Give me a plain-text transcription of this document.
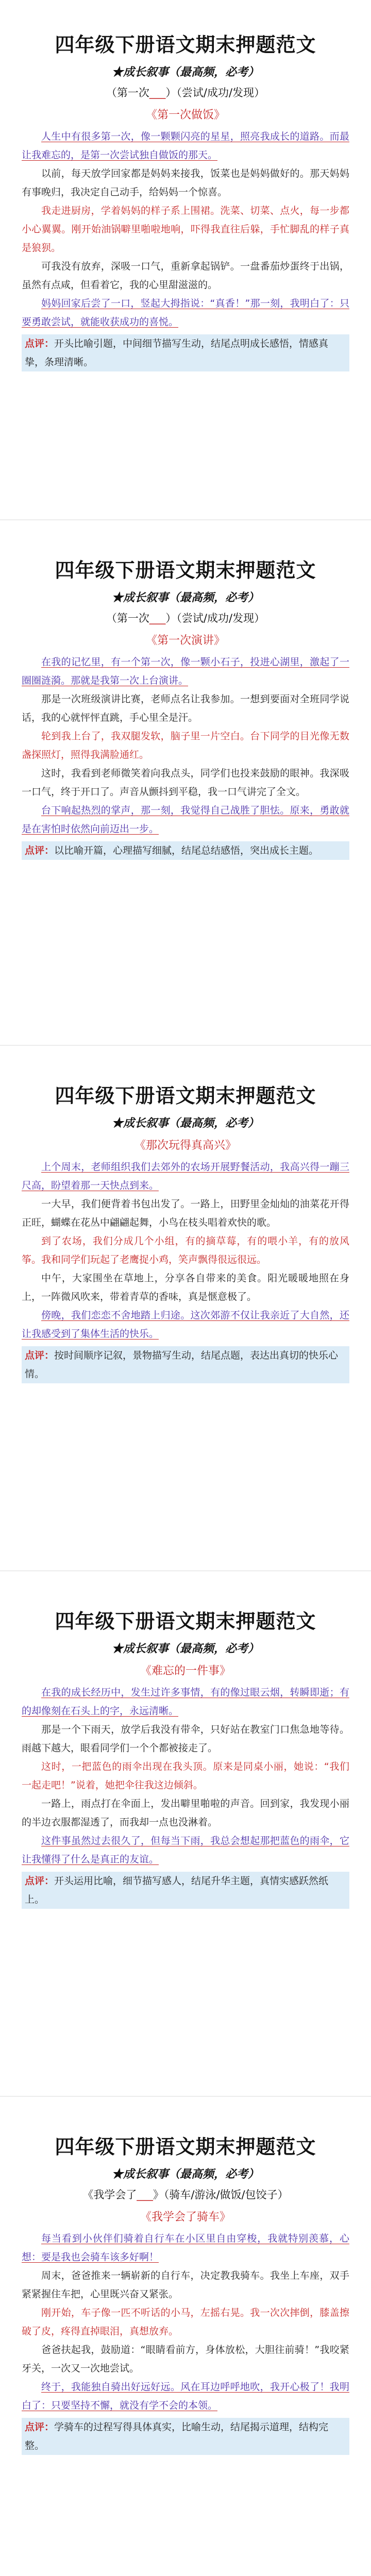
四年级下册语文期末押题范文
★成长叙事（最高频，必考）
（第一次___）（尝试/成功/发现）
《第一次做饭》

人生中有很多第一次，像一颗颗闪亮的星星，照亮我成长的道路。而最让我难忘的，是第一次尝试独自做饭的那天。

以前，每天放学回家都是妈妈来接我，饭菜也是妈妈做好的。那天妈妈有事晚归，我决定自己动手，给妈妈一个惊喜。

我走进厨房，学着妈妈的样子系上围裙。洗菜、切菜、点火，每一步都小心翼翼。刚开始油锅噼里啪啦地响，吓得我直往后躲，手忙脚乱的样子真是狼狈。

可我没有放弃，深吸一口气，重新拿起锅铲。一盘番茄炒蛋终于出锅，虽然有点咸，但看着它，我的心里甜滋滋的。

妈妈回家后尝了一口，竖起大拇指说：“真香！”那一刻，我明白了：只要勇敢尝试，就能收获成功的喜悦。

点评：开头比喻引题，中间细节描写生动，结尾点明成长感悟，情感真挚，条理清晰。
四年级下册语文期末押题范文
★成长叙事（最高频，必考）
（第一次___）（尝试/成功/发现）
《第一次演讲》

在我的记忆里，有一个第一次，像一颗小石子，投进心湖里，激起了一圈圈涟漪。那就是我第一次上台演讲。

那是一次班级演讲比赛，老师点名让我参加。一想到要面对全班同学说话，我的心就怦怦直跳，手心里全是汗。

轮到我上台了，我双腿发软，脑子里一片空白。台下同学的目光像无数盏探照灯，照得我满脸通红。

这时，我看到老师微笑着向我点头，同学们也投来鼓励的眼神。我深吸一口气，终于开口了。声音从颤抖到平稳，我一口气讲完了全文。

台下响起热烈的掌声，那一刻，我觉得自己战胜了胆怯。原来，勇敢就是在害怕时依然向前迈出一步。

点评：以比喻开篇，心理描写细腻，结尾总结感悟，突出成长主题。
四年级下册语文期末押题范文
★成长叙事（最高频，必考）
《那次玩得真高兴》

上个周末，老师组织我们去郊外的农场开展野餐活动，我高兴得一蹦三尺高，盼望着那一天快点到来。

一大早，我们便背着书包出发了。一路上，田野里金灿灿的油菜花开得正旺，蝴蝶在花丛中翩翩起舞，小鸟在枝头唱着欢快的歌。

到了农场，我们分成几个小组，有的摘草莓，有的喂小羊，有的放风筝。我和同学们玩起了老鹰捉小鸡，笑声飘得很远很远。

中午，大家围坐在草地上，分享各自带来的美食。阳光暖暖地照在身上，一阵微风吹来，带着青草的香味，真是惬意极了。

傍晚，我们恋恋不舍地踏上归途。这次郊游不仅让我亲近了大自然，还让我感受到了集体生活的快乐。

点评：按时间顺序记叙，景物描写生动，结尾点题，表达出真切的快乐心情。
四年级下册语文期末押题范文
★成长叙事（最高频，必考）
《难忘的一件事》

在我的成长经历中，发生过许多事情，有的像过眼云烟，转瞬即逝；有的却像刻在石头上的字，永远清晰。

那是一个下雨天，放学后我没有带伞，只好站在教室门口焦急地等待。雨越下越大，眼看同学们一个个都被接走了。

这时，一把蓝色的雨伞出现在我头顶。原来是同桌小丽，她说：“我们一起走吧！”说着，她把伞往我这边倾斜。

一路上，雨点打在伞面上，发出噼里啪啦的声音。回到家，我发现小丽的半边衣服都湿透了，而我却一点也没淋着。

这件事虽然过去很久了，但每当下雨，我总会想起那把蓝色的雨伞，它让我懂得了什么是真正的友谊。

点评：开头运用比喻，细节描写感人，结尾升华主题，真情实感跃然纸上。
四年级下册语文期末押题范文
★成长叙事（最高频，必考）
《我学会了___》（骑车/游泳/做饭/包饺子）
《我学会了骑车》

每当看到小伙伴们骑着自行车在小区里自由穿梭，我就特别羡慕，心想：要是我也会骑车该多好啊！

周末，爸爸推来一辆崭新的自行车，决定教我骑车。我坐上车座，双手紧紧握住车把，心里既兴奋又紧张。

刚开始，车子像一匹不听话的小马，左摇右晃。我一次次摔倒，膝盖擦破了皮，疼得直掉眼泪，真想放弃。

爸爸扶起我，鼓励道：“眼睛看前方，身体放松，大胆往前骑！”我咬紧牙关，一次又一次地尝试。

终于，我能独自骑出好远好远。风在耳边呼呼地吹，我开心极了！我明白了：只要坚持不懈，就没有学不会的本领。

点评：学骑车的过程写得具体真实，比喻生动，结尾揭示道理，结构完整。
